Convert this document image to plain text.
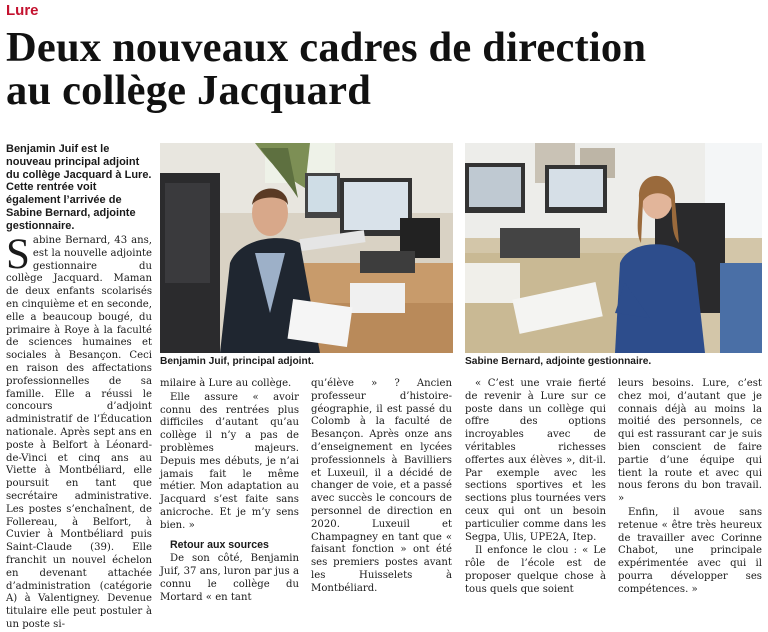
Lure
Deux nouveaux cadres de direction
au collège Jacquard
Benjamin Juif est le nouveau principal adjoint du collège Jacquard à Lure. Cette rentrée voit également l’arrivée de Sabine Bernard, adjointe gestionnaire.
S abine Bernard, 43 ans, est la nouvelle adjointe gestionnaire du collège Jacquard. Maman de deux enfants scolarisés en cinquième et en seconde, elle a beaucoup bougé, du primaire à Roye à la faculté de sciences humaines et sociales à Besançon. Ceci en raison des affectations professionnelles de sa famille. Elle a réussi le concours d’adjoint administratif de l’Éducation nationale. Après sept ans en poste à Belfort à Léonard-de-Vinci et cinq ans au Viette à Montbéliard, elle poursuit en tant que secrétaire administrative. Les postes s’enchaînent, de Follereau, à Belfort, à Cuvier à Montbéliard puis Saint-Claude (39). Elle franchit un nouvel échelon en devenant attachée d’administration (catégorie A) à Valentigney. Devenue titulaire elle peut postuler à un poste si-
Benjamin Juif, principal adjoint.	Sabine Bernard, adjointe gestionnaire.

milaire à Lure au collège.

Elle assure « avoir connu des rentrées plus difficiles d’autant qu’au collège il n’y a pas de problèmes majeurs. Depuis mes débuts, je n’ai jamais fait le même métier. Mon adaptation au Jacquard s’est faite sans anicroche. Et je m’y sens bien. »

Retour aux sources

De son côté, Benjamin Juif, 37 ans, luron par jus a connu le collège du Mortard « en tant

qu’élève » ? Ancien professeur d’histoire-géographie, il est passé du Colomb à la faculté de Besançon. Après onze ans d’enseignement en lycées professionnels à Bavilliers et Luxeuil, il a décidé de changer de voie, et a passé avec succès le concours de personnel de direction en 2020. Luxeuil et Champagney en tant que « faisant fonction » ont été ses premiers postes avant les Huisselets à Montbéliard.

« C’est une vraie fierté de revenir à Lure sur ce poste dans un collège qui offre des options incroyables avec de véritables richesses offertes aux élèves », dit-il. Par exemple avec les sections sportives et les sections plus tournées vers ceux qui ont un besoin particulier comme dans les Segpa, Ulis, UPE2A, Itep.

Il enfonce le clou : « Le rôle de l’école est de proposer quelque chose à tous quels que soient

leurs besoins. Lure, c’est chez moi, d’autant que je connais déjà au moins la moitié des personnels, ce qui est rassurant car je suis bien conscient de faire partie d’une équipe qui tient la route et avec qui nous ferons du bon travail. »

Enfin, il avoue sans retenue « être très heureux de travailler avec Corinne Chabot, une principale expérimentée avec qui il pourra développer ses compétences. »
